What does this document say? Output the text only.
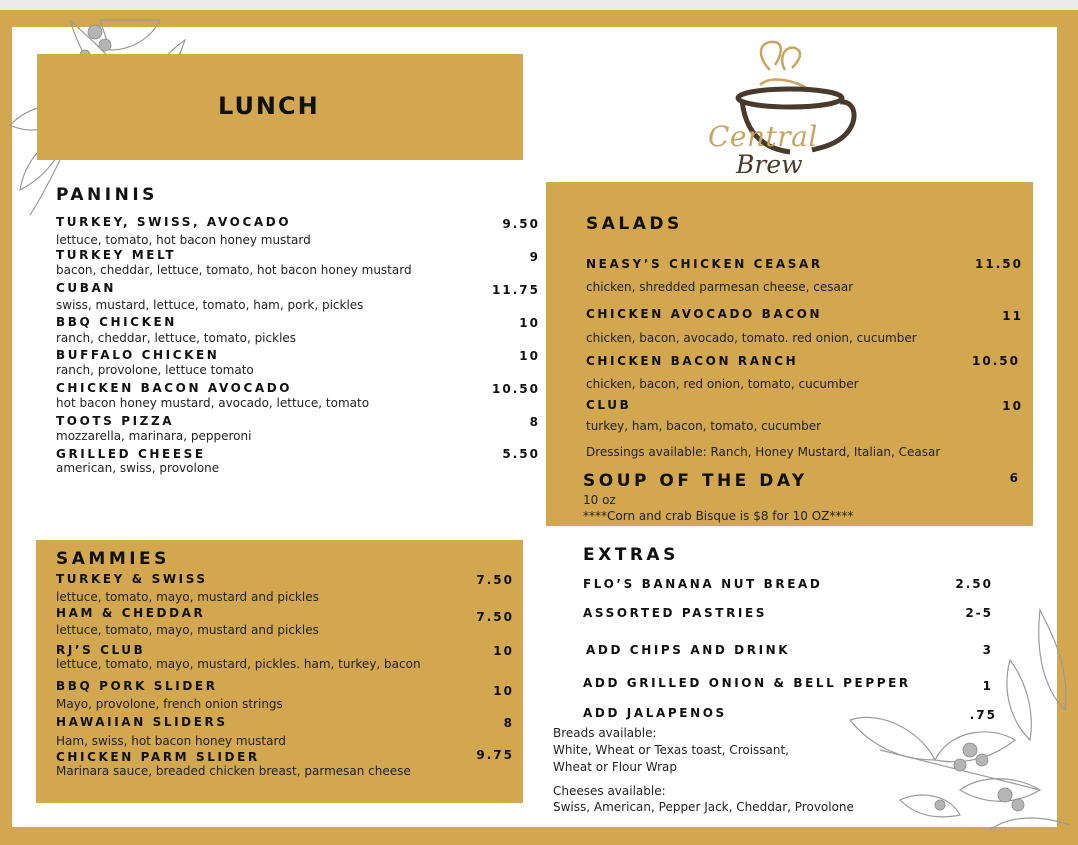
LUNCH
Central
Brew
PANINIS
TURKEY, SWISS, AVOCADO	9.50
lettuce, tomato, hot bacon honey mustard
TURKEY MELT	9
bacon, cheddar, lettuce, tomato, hot bacon honey mustard
CUBAN	11.75
swiss, mustard, lettuce, tomato, ham, pork, pickles
BBQ CHICKEN	10
ranch, cheddar, lettuce, tomato, pickles
BUFFALO CHICKEN	10
ranch, provolone, lettuce tomato
CHICKEN BACON AVOCADO	10.50
hot bacon honey mustard, avocado, lettuce, tomato
TOOTS PIZZA	8
mozzarella, marinara, pepperoni
GRILLED CHEESE	5.50
american, swiss, provolone
SALADS
NEASY’S CHICKEN CEASAR	11.50
chicken, shredded parmesan cheese, cesaar
CHICKEN AVOCADO BACON	11
chicken, bacon, avocado, tomato. red onion, cucumber
CHICKEN BACON RANCH	10.50
chicken, bacon, red onion, tomato, cucumber
CLUB	10
turkey, ham, bacon, tomato, cucumber
Dressings available: Ranch, Honey Mustard, Italian, Ceasar
SOUP OF THE DAY	6
10 oz
****Corn and crab Bisque is $8 for 10 OZ****
SAMMIES
TURKEY & SWISS	7.50
lettuce, tomato, mayo, mustard and pickles
HAM & CHEDDAR	7.50
lettuce, tomato, mayo, mustard and pickles
RJ’S CLUB	10
lettuce, tomato, mayo, mustard, pickles. ham, turkey, bacon
BBQ PORK SLIDER	10
Mayo, provolone, french onion strings
HAWAIIAN SLIDERS	8
Ham, swiss, hot bacon honey mustard
CHICKEN PARM SLIDER	9.75
Marinara sauce, breaded chicken breast, parmesan cheese
EXTRAS
FLO’S BANANA NUT BREAD	2.50
ASSORTED PASTRIES	2-5
ADD CHIPS AND DRINK	3
ADD GRILLED ONION & BELL PEPPER	1
ADD JALAPENOS	.75
Breads available:
White, Wheat or Texas toast, Croissant,
Wheat or Flour Wrap
Cheeses available:
Swiss, American, Pepper Jack, Cheddar, Provolone
